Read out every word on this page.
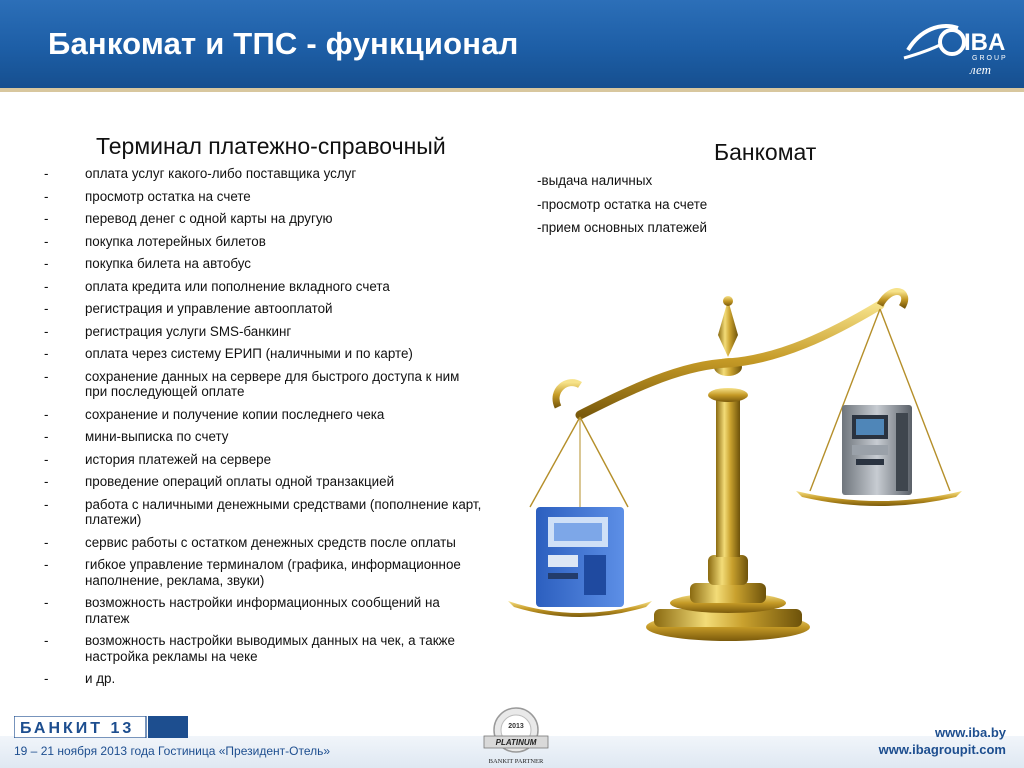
Банкомат и ТПС - функционал	IBA
GROUP
лет
Терминал платежно-справочный
-	оплата услуг какого-либо поставщика услуг
-	просмотр остатка на счете
-	перевод денег с одной карты на другую
-	покупка лотерейных билетов
-	покупка билета на автобус
-	оплата кредита или пополнение вкладного счета
-	регистрация и управление автооплатой
-	регистрация услуги SMS-банкинг
-	оплата через систему ЕРИП (наличными и по карте)
-	сохранение данных на сервере для быстрого доступа к ним при последующей оплате
-	сохранение и получение копии последнего чека
-	мини-выписка по счету
-	история платежей на сервере
-	проведение операций оплаты одной транзакцией
-	работа с наличными денежными средствами (пополнение карт, платежи)
-	сервис работы с остатком денежных средств после оплаты
-	гибкое управление терминалом (графика, информационное наполнение, реклама, звуки)
-	возможность настройки информационных сообщений на платеж
-	возможность настройки выводимых данных на чек, а также настройка рекламы на чеке
-	и др.
Банкомат
-выдача наличных
-просмотр остатка на счете
-прием основных платежей
БАНКИТ 13
19 – 21 ноября 2013 года Гостиница «Президент-Отель»
2013
PLATINUM
BANKIT PARTNER
www.iba.by
www.ibagroupit.com
